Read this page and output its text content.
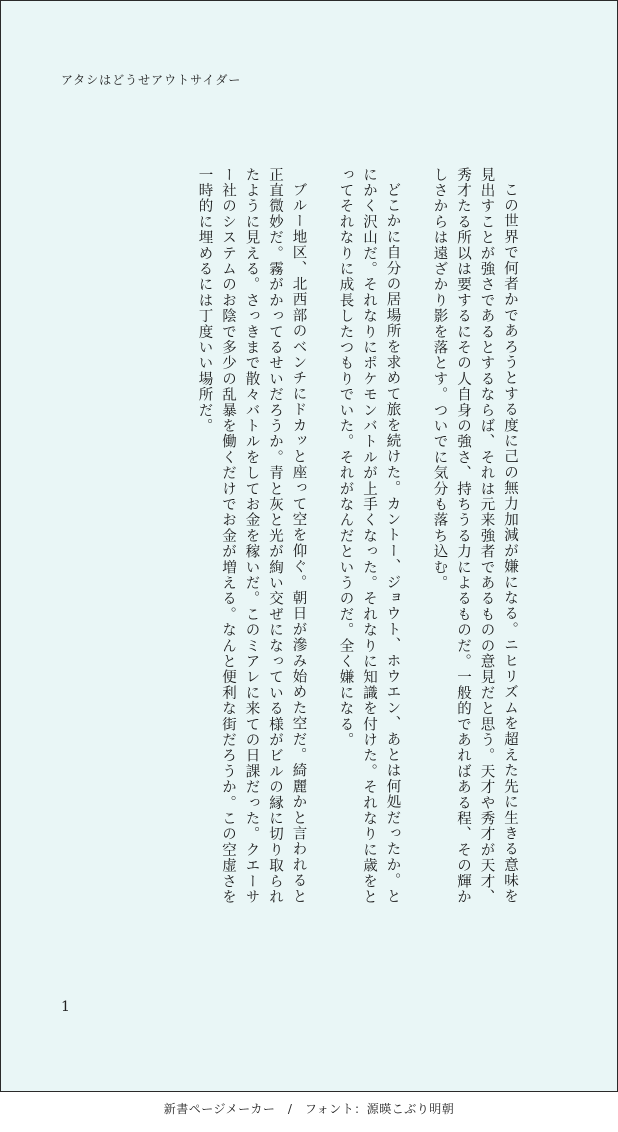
アタシはどうせアウトサイダー

この世界で何者かであろうとする度に己の無力加減が嫌になる。ニヒリズムを超えた先に生きる意味を見出すことが強さであるとするならば、それは元来強者であるものの意見だと思う。天才や秀才が天才、秀才たる所以は要するにその人自身の強さ、持ちうる力によるものだ。一般的であればある程、その輝かしさからは遠ざかり影を落とす。ついでに気分も落ち込む。

どこかに自分の居場所を求めて旅を続けた。カントー、ジョウト、ホウエン、あとは何処だったか。とにかく沢山だ。それなりにポケモンバトルが上手くなった。それなりに知識を付けた。それなりに歳をとってそれなりに成長したつもりでいた。それがなんだというのだ。全く嫌になる。

ブルー地区、北西部のベンチにドカッと座って空を仰ぐ。朝日が滲み始めた空だ。綺麗かと言われると正直微妙だ。霧がかってるせいだろうか。青と灰と光が絢い交ぜになっている様がビルの縁に切り取られたように見える。さっきまで散々バトルをしてお金を稼いだ。このミアレに来ての日課だった。クエーサー社のシステムのお陰で多少の乱暴を働くだけでお金が増える。なんと便利な街だろうか。この空虚さを一時的に埋めるには丁度いい場所だ。

1
新書ページメーカー　/　フォント：源暎こぶり明朝
